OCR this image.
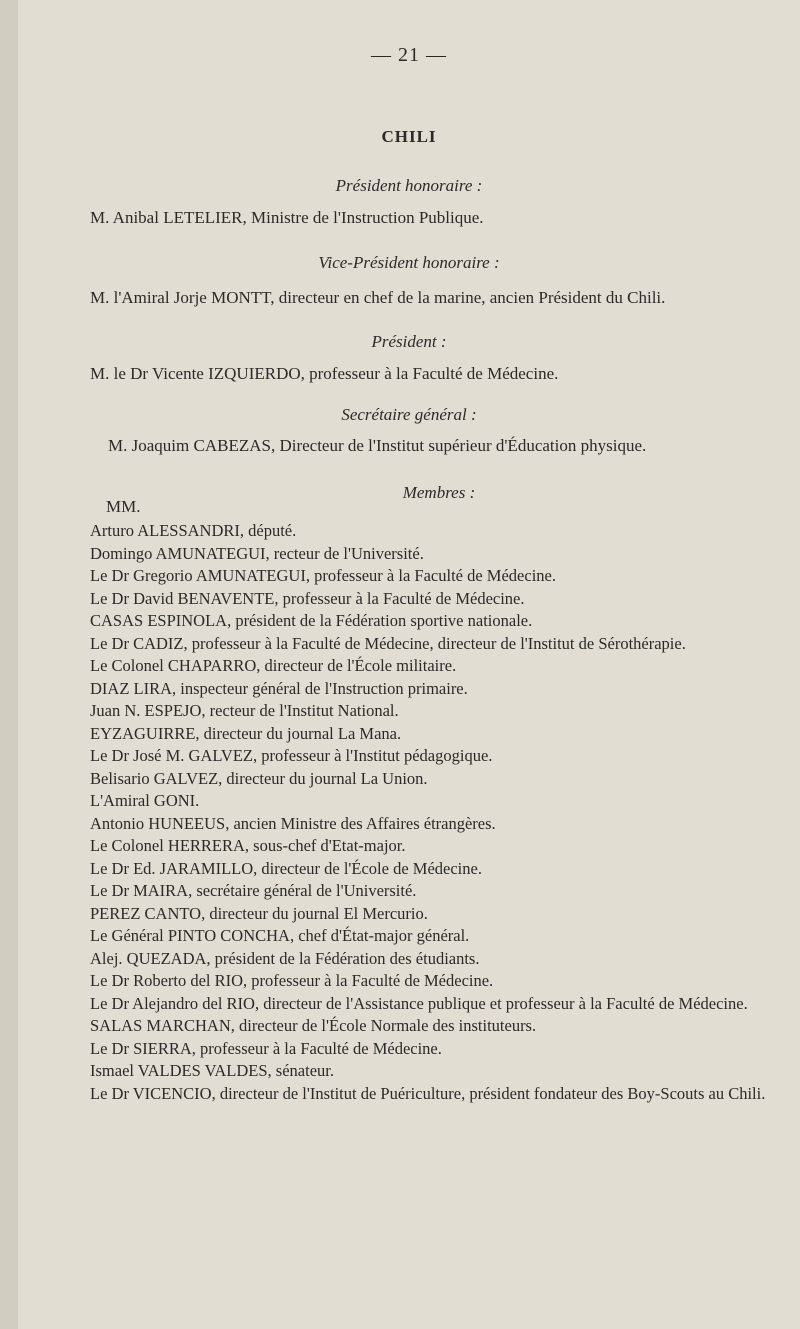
— 21 —
CHILI
Président honoraire :
M. Anibal LETELIER, Ministre de l'Instruction Publique.
Vice-Président honoraire :
M. l'Amiral Jorje MONTT, directeur en chef de la marine, ancien Président du Chili.
Président :
M. le Dr Vicente IZQUIERDO, professeur à la Faculté de Médecine.
Secrétaire général :
M. Joaquim CABEZAS, Directeur de l'Institut supérieur d'Éducation physique.
Membres :
MM.
Arturo ALESSANDRI, député.
Domingo AMUNATEGUI, recteur de l'Université.
Le Dr Gregorio AMUNATEGUI, professeur à la Faculté de Médecine.
Le Dr David BENAVENTE, professeur à la Faculté de Médecine.
CASAS ESPINOLA, président de la Fédération sportive nationale.
Le Dr CADIZ, professeur à la Faculté de Médecine, directeur de l'Institut de Sérothérapie.
Le Colonel CHAPARRO, directeur de l'École militaire.
DIAZ LIRA, inspecteur général de l'Instruction primaire.
Juan N. ESPEJO, recteur de l'Institut National.
EYZAGUIRRE, directeur du journal La Mana.
Le Dr José M. GALVEZ, professeur à l'Institut pédagogique.
Belisario GALVEZ, directeur du journal La Union.
L'Amiral GONI.
Antonio HUNEEUS, ancien Ministre des Affaires étrangères.
Le Colonel HERRERA, sous-chef d'Etat-major.
Le Dr Ed. JARAMILLO, directeur de l'École de Médecine.
Le Dr MAIRA, secrétaire général de l'Université.
PEREZ CANTO, directeur du journal El Mercurio.
Le Général PINTO CONCHA, chef d'État-major général.
Alej. QUEZADA, président de la Fédération des étudiants.
Le Dr Roberto del RIO, professeur à la Faculté de Médecine.
Le Dr Alejandro del RIO, directeur de l'Assistance publique et professeur à la Faculté de Médecine.
SALAS MARCHAN, directeur de l'École Normale des instituteurs.
Le Dr SIERRA, professeur à la Faculté de Médecine.
Ismael VALDES VALDES, sénateur.
Le Dr VICENCIO, directeur de l'Institut de Puériculture, président fondateur des Boy-Scouts au Chili.
